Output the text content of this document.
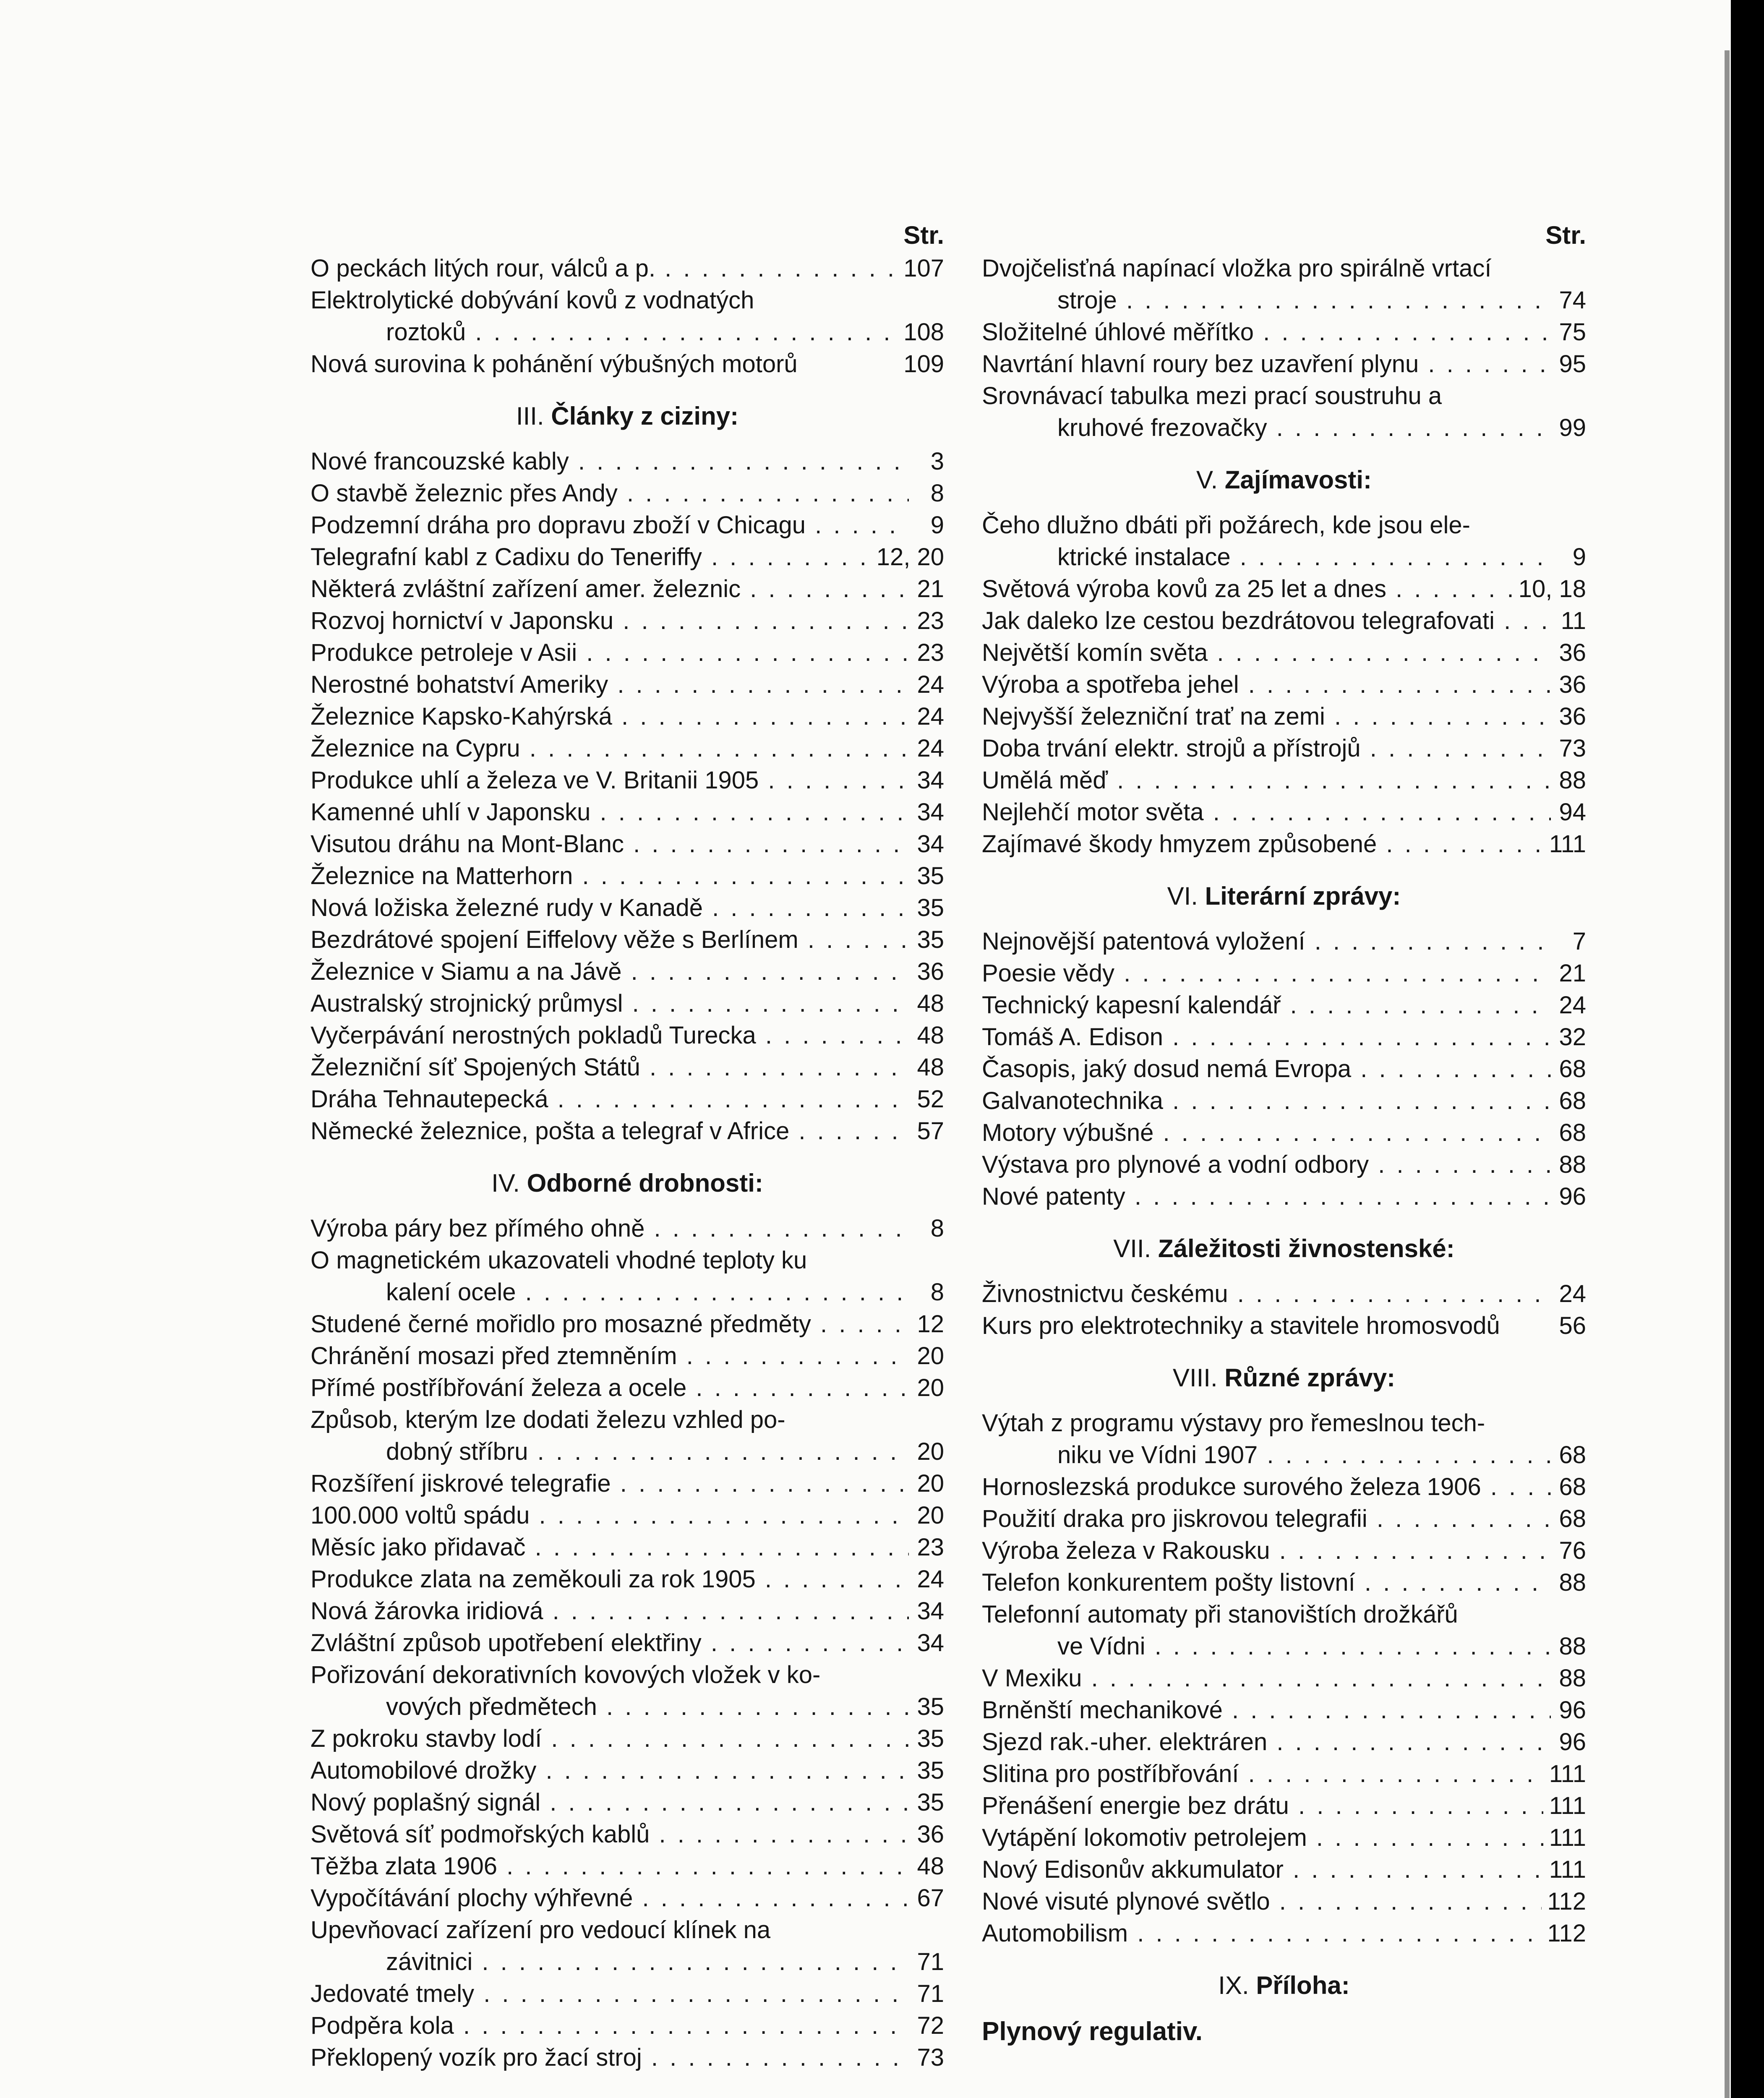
Str.
O peckách litých rour, válců a p. . . .	107
Elektrolytické dobývání kovů z vodnatých
roztoků . . .	108
Nová surovina k pohánění výbušných motorů	109
III. Články z ciziny:
Nové francouzské kably . . .	3
O stavbě železnic přes Andy . . .	8
Podzemní dráha pro dopravu zboží v Chicagu . . .	9
Telegrafní kabl z Cadixu do Teneriffy . . .	12, 20
Některá zvláštní zařízení amer. železnic . . .	21
Rozvoj hornictví v Japonsku . . .	23
Produkce petroleje v Asii . . .	23
Nerostné bohatství Ameriky . . .	24
Železnice Kapsko-Kahýrská . . .	24
Železnice na Cypru . . .	24
Produkce uhlí a železa ve V. Britanii 1905 . . .	34
Kamenné uhlí v Japonsku . . .	34
Visutou dráhu na Mont-Blanc . . .	34
Železnice na Matterhorn . . .	35
Nová ložiska železné rudy v Kanadě . . .	35
Bezdrátové spojení Eiffelovy věže s Berlínem . . .	35
Železnice v Siamu a na Jávě . . .	36
Australský strojnický průmysl . . .	48
Vyčerpávání nerostných pokladů Turecka . . .	48
Železniční síť Spojených Států . . .	48
Dráha Tehnautepecká . . .	52
Německé železnice, pošta a telegraf v Africe . . .	57
IV. Odborné drobnosti:
Výroba páry bez přímého ohně . . .	8
O magnetickém ukazovateli vhodné teploty ku
kalení ocele . . .	8
Studené černé mořidlo pro mosazné předměty . . .	12
Chránění mosazi před ztemněním . . .	20
Přímé postříbřování železa a ocele . . .	20
Způsob, kterým lze dodati železu vzhled po-
dobný stříbru . . .	20
Rozšíření jiskrové telegrafie . . .	20
100.000 voltů spádu . . .	20
Měsíc jako přidavač . . .	23
Produkce zlata na zeměkouli za rok 1905 . . .	24
Nová žárovka iridiová . . .	34
Zvláštní způsob upotřebení elektřiny . . .	34
Pořizování dekorativních kovových vložek v ko-
vových předmětech . . .	35
Z pokroku stavby lodí . . .	35
Automobilové drožky . . .	35
Nový poplašný signál . . .	35
Světová síť podmořských kablů . . .	36
Těžba zlata 1906 . . .	48
Vypočítávání plochy výhřevné . . .	67
Upevňovací zařízení pro vedoucí klínek na
závitnici . . .	71
Jedovaté tmely . . .	71
Podpěra kola . . .	72
Překlopený vozík pro žací stroj . . .	73
Str.
Dvojčelisťná napínací vložka pro spirálně vrtací
stroje . . .	74
Složitelné úhlové měřítko . . .	75
Navrtání hlavní roury bez uzavření plynu . . .	95
Srovnávací tabulka mezi prací soustruhu a
kruhové frezovačky . . .	99
V. Zajímavosti:
Čeho dlužno dbáti při požárech, kde jsou ele-
ktrické instalace . . .	9
Světová výroba kovů za 25 let a dnes . . .	10, 18
Jak daleko lze cestou bezdrátovou telegrafovati . . .	11
Největší komín světa . . .	36
Výroba a spotřeba jehel . . .	36
Nejvyšší železniční trať na zemi . . .	36
Doba trvání elektr. strojů a přístrojů . . .	73
Umělá měď . . .	88
Nejlehčí motor světa . . .	94
Zajímavé škody hmyzem způsobené . . .	111
VI. Literární zprávy:
Nejnovější patentová vyložení . . .	7
Poesie vědy . . .	21
Technický kapesní kalendář . . .	24
Tomáš A. Edison . . .	32
Časopis, jaký dosud nemá Evropa . . .	68
Galvanotechnika . . .	68
Motory výbušné . . .	68
Výstava pro plynové a vodní odbory . . .	88
Nové patenty . . .	96
VII. Záležitosti živnostenské:
Živnostnictvu českému . . .	24
Kurs pro elektrotechniky a stavitele hromosvodů	56
VIII. Různé zprávy:
Výtah z programu výstavy pro řemeslnou tech-
niku ve Vídni 1907 . . .	68
Hornoslezská produkce surového železa 1906 . . .	68
Použití draka pro jiskrovou telegrafii . . .	68
Výroba železa v Rakousku . . .	76
Telefon konkurentem pošty listovní . . .	88
Telefonní automaty při stanovištích drožkářů
ve Vídni . . .	88
V Mexiku . . .	88
Brněnští mechanikové . . .	96
Sjezd rak.-uher. elektráren . . .	96
Slitina pro postříbřování . . .	111
Přenášení energie bez drátu . . .	111
Vytápění lokomotiv petrolejem . . .	111
Nový Edisonův akkumulator . . .	111
Nové visuté plynové světlo . . .	112
Automobilism . . .	112
IX. Příloha:
Plynový regulativ.
